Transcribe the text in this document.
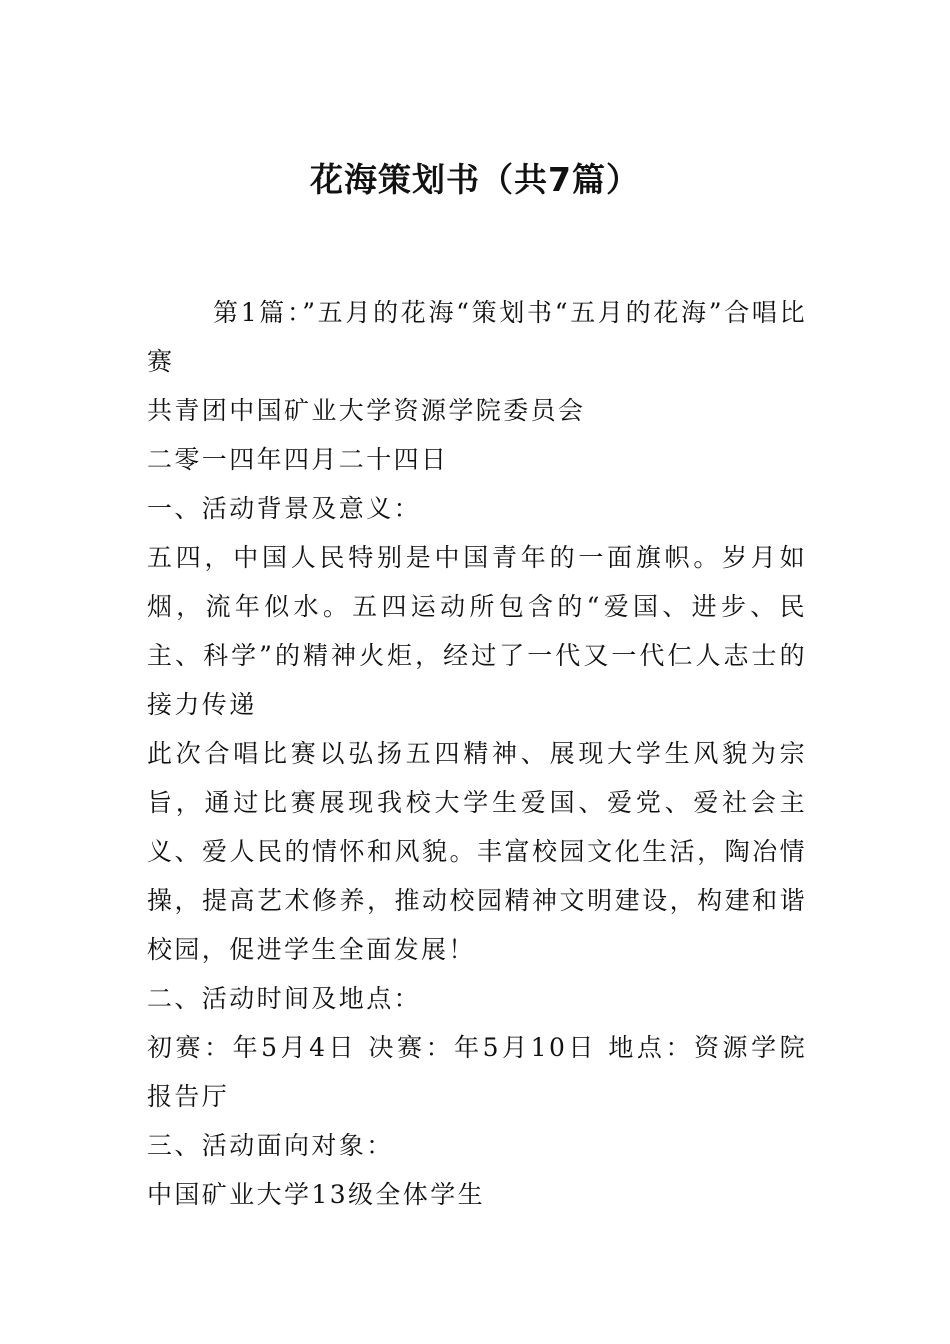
花海策划书（共7篇）

第1篇：”五月的花海“策划书“五月的花海”合唱比赛

共青团中国矿业大学资源学院委员会

二零一四年四月二十四日

一、活动背景及意义：

五四，中国人民特别是中国青年的一面旗帜。岁月如烟，流年似水。五四运动所包含的“爱国、进步、民主、科学”的精神火炬，经过了一代又一代仁人志士的接力传递

此次合唱比赛以弘扬五四精神、展现大学生风貌为宗旨，通过比赛展现我校大学生爱国、爱党、爱社会主义、爱人民的情怀和风貌。丰富校园文化生活，陶冶情操，提高艺术修养，推动校园精神文明建设，构建和谐校园，促进学生全面发展！

二、活动时间及地点：

初赛：年5月4日 决赛：年5月10日 地点：资源学院报告厅

三、活动面向对象：

中国矿业大学13级全体学生
